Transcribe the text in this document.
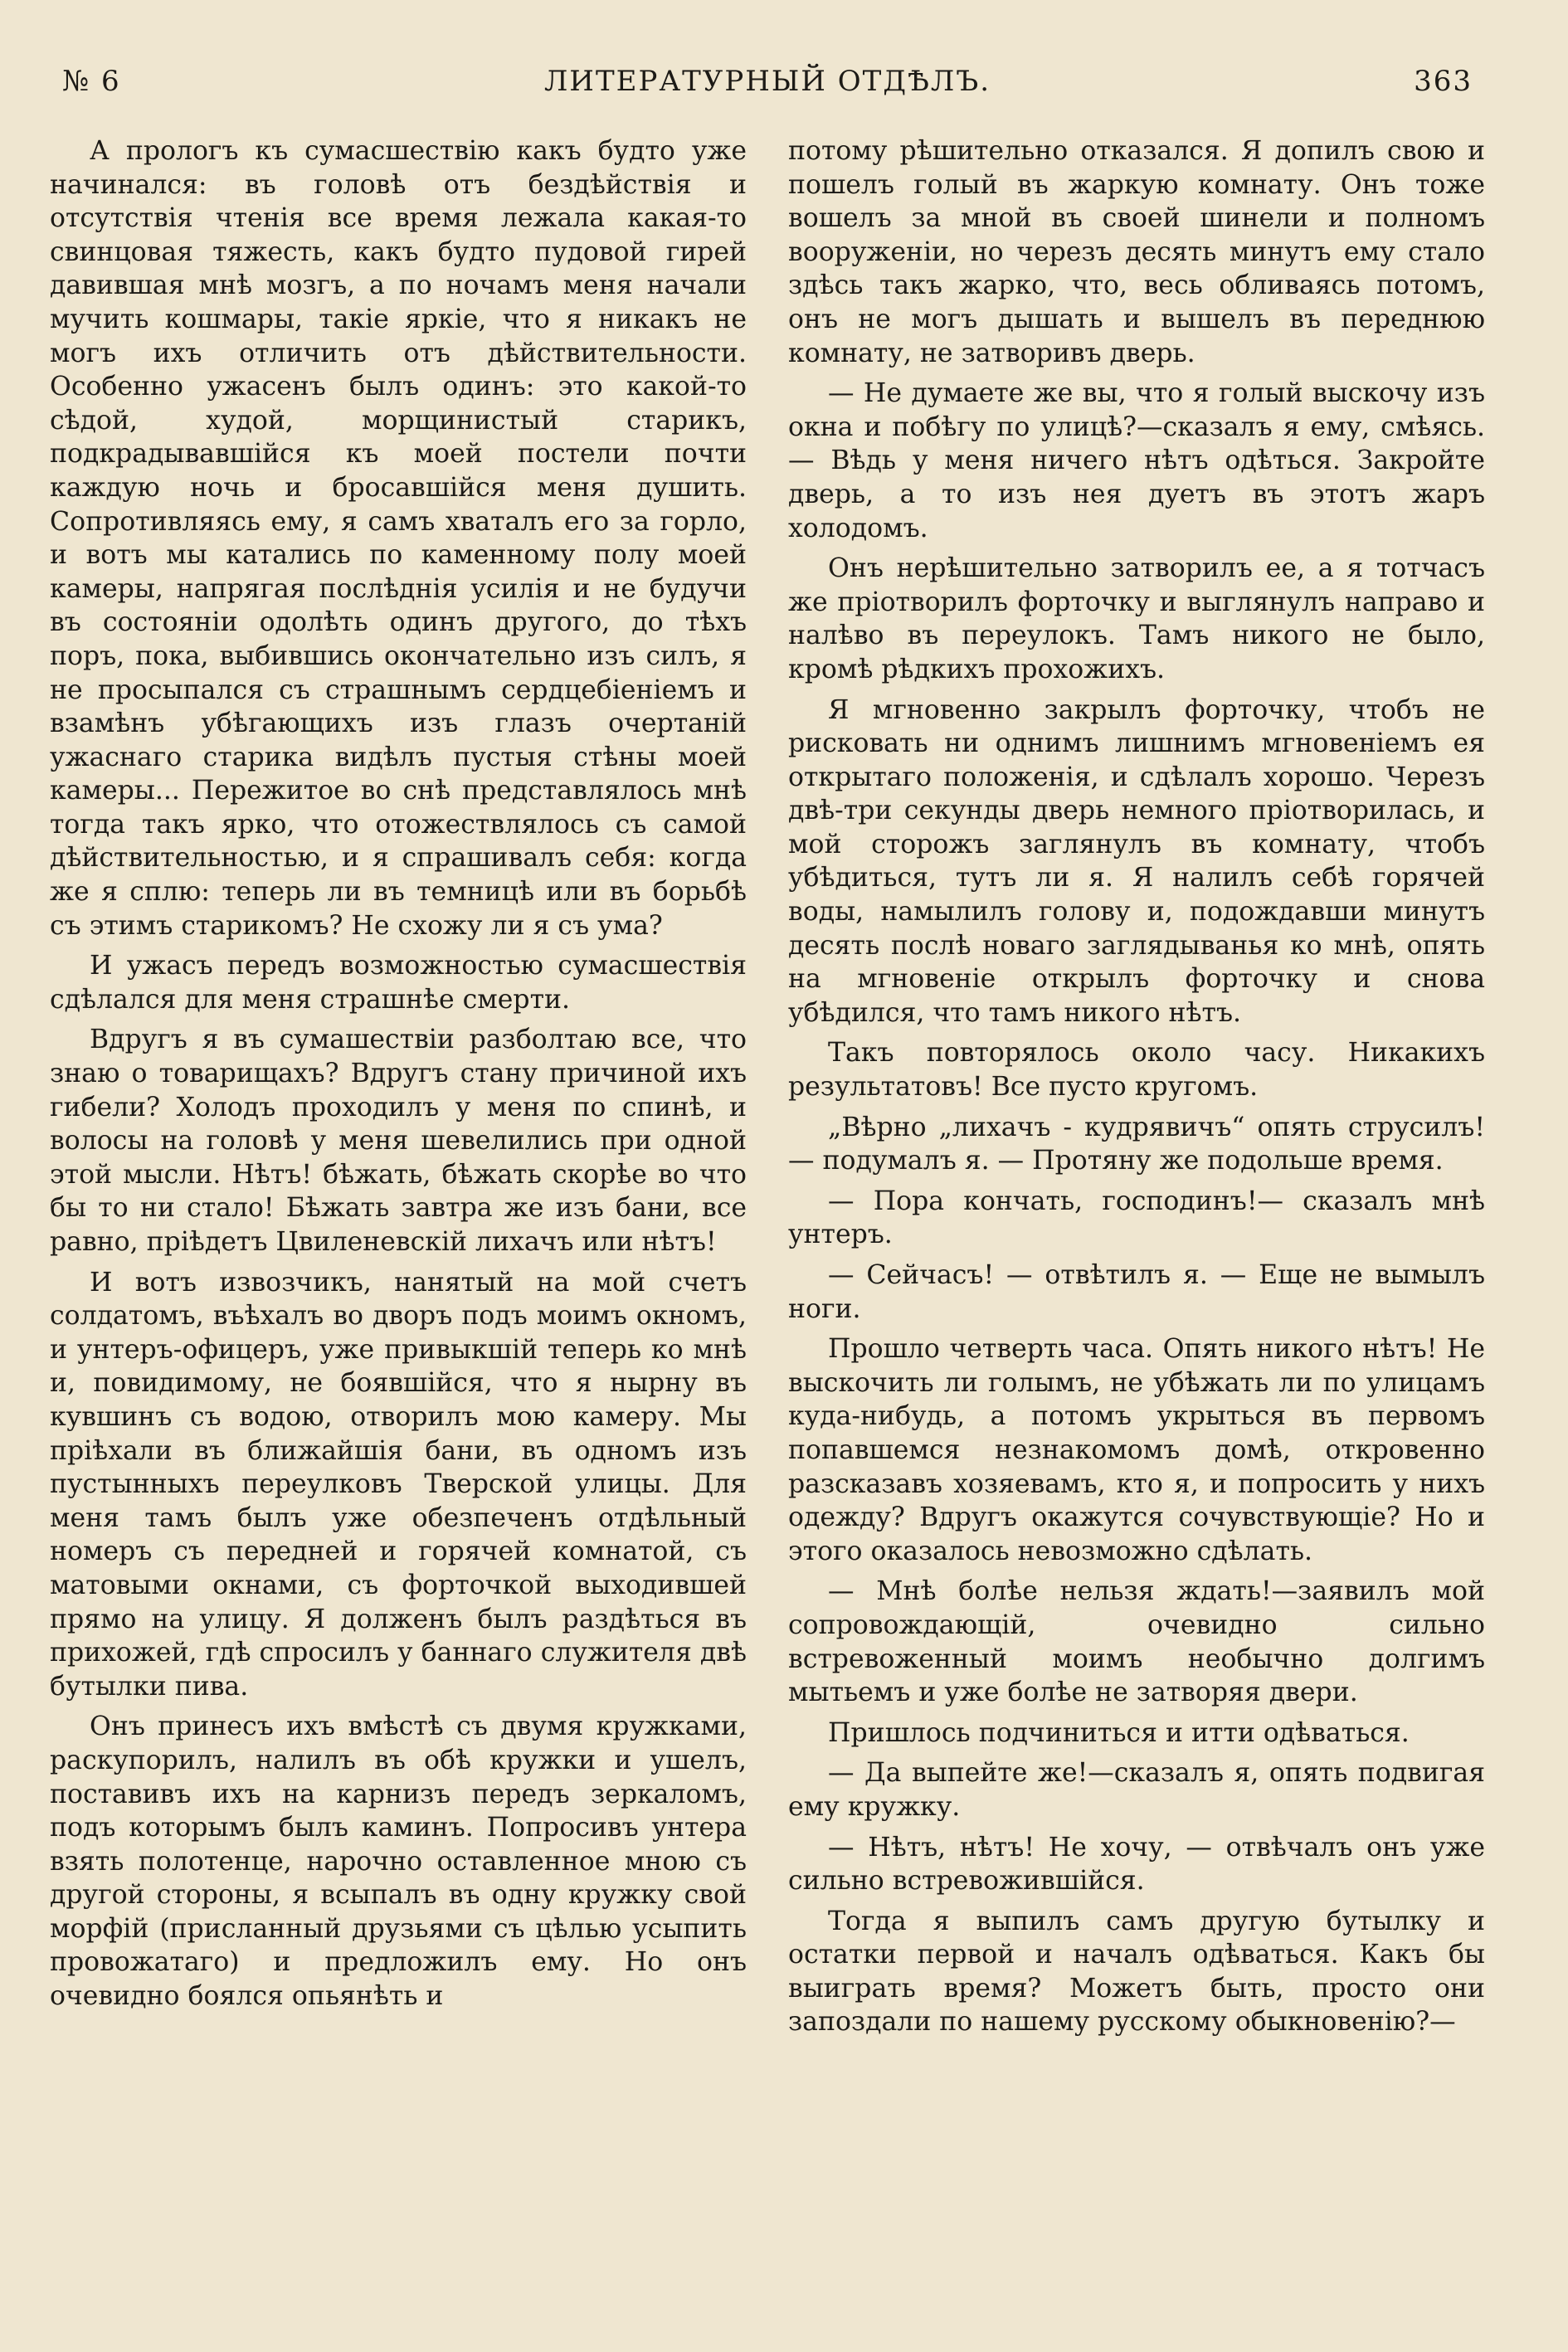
№ 6	ЛИТЕРАТУРНЫЙ ОТДѢЛЪ.	363

А прологъ къ сумасшествію какъ будто уже начинался: въ головѣ отъ бездѣйствія и отсутствія чтенія все время лежала какая-то свинцовая тяжесть, какъ будто пудовой гирей давившая мнѣ мозгъ, а по ночамъ меня начали мучить кошмары, такіе яркіе, что я никакъ не могъ ихъ отличить отъ дѣйствительности. Особенно ужасенъ былъ одинъ: это какой-то сѣдой, худой, морщинистый старикъ, подкрадывавшійся къ моей постели почти каждую ночь и бросавшійся меня душить. Сопротивляясь ему, я самъ хваталъ его за горло, и вотъ мы катались по каменному полу моей камеры, напрягая послѣднія усилія и не будучи въ состояніи одолѣть одинъ другого, до тѣхъ поръ, пока, выбившись окончательно изъ силъ, я не просыпался съ страшнымъ сердцебіеніемъ и взамѣнъ убѣгающихъ изъ глазъ очертаній ужаснаго старика видѣлъ пустыя стѣны моей камеры... Пережитое во снѣ представлялось мнѣ тогда такъ ярко, что отожествлялось съ самой дѣйствительностью, и я спрашивалъ себя: когда же я сплю: теперь ли въ темницѣ или въ борьбѣ съ этимъ старикомъ? Не схожу ли я съ ума?

И ужасъ передъ возможностью сумасшествія сдѣлался для меня страшнѣе смерти.

Вдругъ я въ сумашествіи разболтаю все, что знаю о товарищахъ? Вдругъ стану причиной ихъ гибели? Холодъ проходилъ у меня по спинѣ, и волосы на головѣ у меня шевелились при одной этой мысли. Нѣтъ! бѣжать, бѣжать скорѣе во что бы то ни стало! Бѣжать завтра же изъ бани, все равно, пріѣдетъ Цвиленевскій лихачъ или нѣтъ!

И вотъ извозчикъ, нанятый на мой счетъ солдатомъ, въѣхалъ во дворъ подъ моимъ окномъ, и унтеръ-офицеръ, уже привыкшій теперь ко мнѣ и, повидимому, не боявшійся, что я нырну въ кувшинъ съ водою, отворилъ мою камеру. Мы пріѣхали въ ближайшія бани, въ одномъ изъ пустынныхъ переулковъ Тверской улицы. Для меня тамъ былъ уже обезпеченъ отдѣльный номеръ съ передней и горячей комнатой, съ матовыми окнами, съ форточкой выходившей прямо на улицу. Я долженъ былъ раздѣться въ прихожей, гдѣ спросилъ у баннаго служителя двѣ бутылки пива.

Онъ принесъ ихъ вмѣстѣ съ двумя кружками, раскупорилъ, налилъ въ обѣ кружки и ушелъ, поставивъ ихъ на карнизъ передъ зеркаломъ, подъ которымъ былъ каминъ. Попросивъ унтера взять полотенце, нарочно оставленное мною съ другой стороны, я всыпалъ въ одну кружку свой морфій (присланный друзьями съ цѣлью усыпить провожатаго) и предложилъ ему. Но онъ очевидно боялся опьянѣть и

потому рѣшительно отказался. Я допилъ свою и пошелъ голый въ жаркую комнату. Онъ тоже вошелъ за мной въ своей шинели и полномъ вооруженіи, но черезъ десять минутъ ему стало здѣсь такъ жарко, что, весь обливаясь потомъ, онъ не могъ дышать и вышелъ въ переднюю комнату, не затворивъ дверь.

— Не думаете же вы, что я голый выскочу изъ окна и побѣгу по улицѣ?—сказалъ я ему, смѣясь. — Вѣдь у меня ничего нѣтъ одѣться. Закройте дверь, а то изъ нея дуетъ въ этотъ жаръ холодомъ.

Онъ нерѣшительно затворилъ ее, а я тотчасъ же пріотворилъ форточку и выглянулъ направо и налѣво въ переулокъ. Тамъ никого не было, кромѣ рѣдкихъ прохожихъ.

Я мгновенно закрылъ форточку, чтобъ не рисковать ни однимъ лишнимъ мгновеніемъ ея открытаго положенія, и сдѣлалъ хорошо. Черезъ двѣ-три секунды дверь немного пріотворилась, и мой сторожъ заглянулъ въ комнату, чтобъ убѣдиться, тутъ ли я. Я налилъ себѣ горячей воды, намылилъ голову и, подождавши минутъ десять послѣ новаго заглядыванья ко мнѣ, опять на мгновеніе открылъ форточку и снова убѣдился, что тамъ никого нѣтъ.

Такъ повторялось около часу. Никакихъ результатовъ! Все пусто кругомъ.

„Вѣрно „лихачъ - кудрявичъ“ опять струсилъ! — подумалъ я. — Протяну же подольше время.

— Пора кончать, господинъ!— сказалъ мнѣ унтеръ.

— Сейчасъ! — отвѣтилъ я. — Еще не вымылъ ноги.

Прошло четверть часа. Опять никого нѣтъ! Не выскочить ли голымъ, не убѣжать ли по улицамъ куда-нибудь, а потомъ укрыться въ первомъ попавшемся незнакомомъ домѣ, откровенно разсказавъ хозяевамъ, кто я, и попросить у нихъ одежду? Вдругъ окажутся сочувствующіе? Но и этого оказалось невозможно сдѣлать.

— Мнѣ болѣе нельзя ждать!—заявилъ мой сопровождающій, очевидно сильно встревоженный моимъ необычно долгимъ мытьемъ и уже болѣе не затворяя двери.

Пришлось подчиниться и итти одѣваться.

— Да выпейте же!—сказалъ я, опять подвигая ему кружку.

— Нѣтъ, нѣтъ! Не хочу, — отвѣчалъ онъ уже сильно встревожившійся.

Тогда я выпилъ самъ другую бутылку и остатки первой и началъ одѣваться. Какъ бы выиграть время? Можетъ быть, просто они запоздали по нашему русскому обыкновенію?—
